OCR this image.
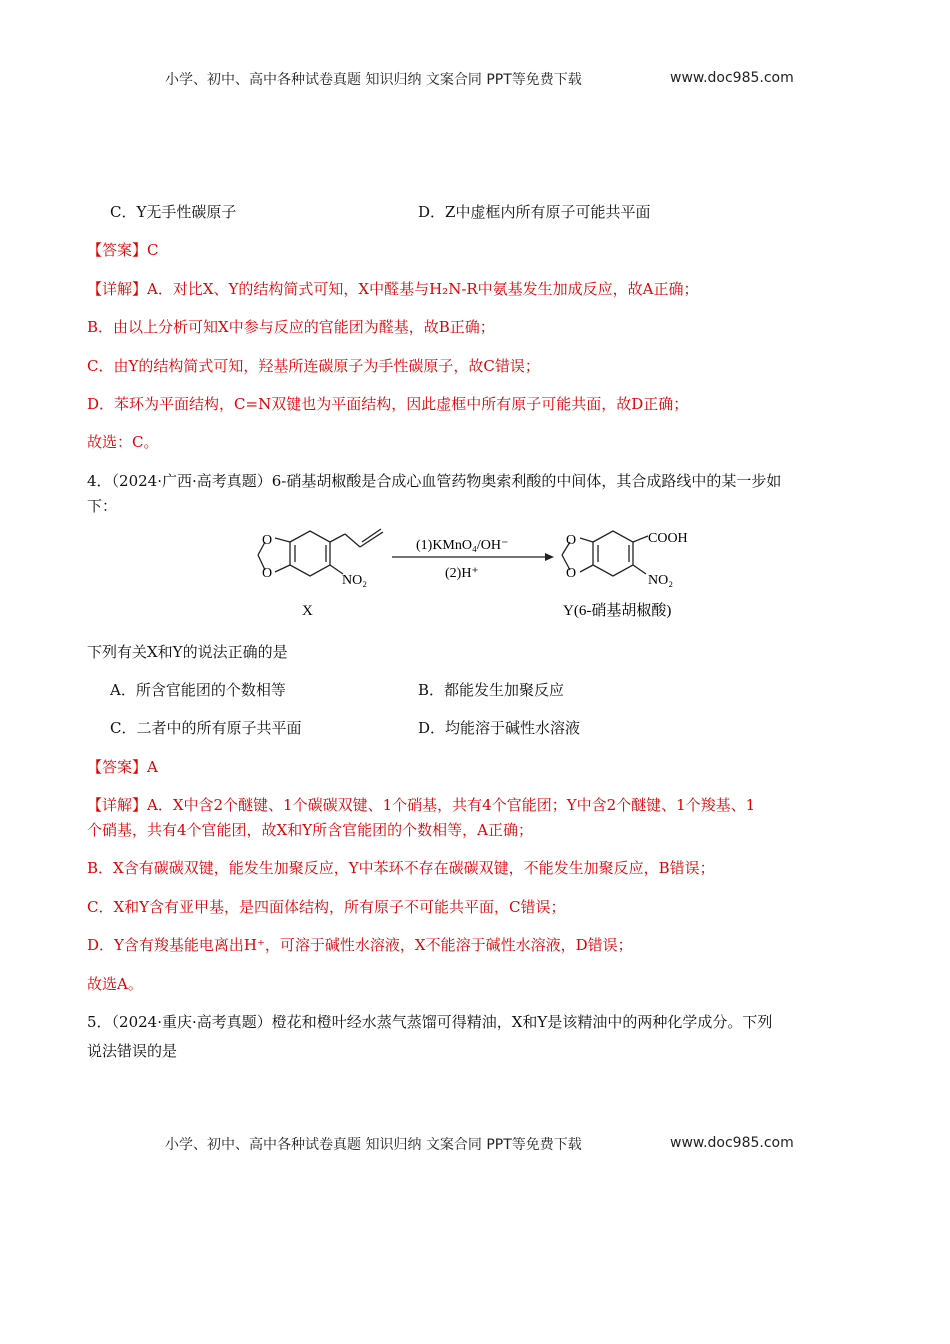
小学、初中、高中各种试卷真题 知识归纳 文案合同 PPT等免费下载	www.doc985.com
C．Y无手性碳原子	D．Z中虚框内所有原子可能共平面
【答案】C
【详解】A．对比X、Y的结构简式可知，X中醛基与H₂N-R中氨基发生加成反应，故A正确；
B．由以上分析可知X中参与反应的官能团为醛基，故B正确；
C．由Y的结构简式可知，羟基所连碳原子为手性碳原子，故C错误；
D．苯环为平面结构，C=N双键也为平面结构，因此虚框中所有原子可能共面，故D正确；
故选：C。
4．（2024·广西·高考真题）6-硝基胡椒酸是合成心血管药物奥索利酸的中间体，其合成路线中的某一步如
下：
O
O	NO₂
(1)KMnO₄/OH⁻
(2)H⁺
O
O
COOH
NO₂
X	Y(6-硝基胡椒酸)
下列有关X和Y的说法正确的是
A．所含官能团的个数相等	B．都能发生加聚反应
C．二者中的所有原子共平面	D．均能溶于碱性水溶液
【答案】A
【详解】A．X中含2个醚键、1个碳碳双键、1个硝基，共有4个官能团；Y中含2个醚键、1个羧基、1
个硝基，共有4个官能团，故X和Y所含官能团的个数相等，A正确；
B．X含有碳碳双键，能发生加聚反应，Y中苯环不存在碳碳双键，不能发生加聚反应，B错误；
C．X和Y含有亚甲基，是四面体结构，所有原子不可能共平面，C错误；
D．Y含有羧基能电离出H⁺，可溶于碱性水溶液，X不能溶于碱性水溶液，D错误；
故选A。
5．（2024·重庆·高考真题）橙花和橙叶经水蒸气蒸馏可得精油，X和Y是该精油中的两种化学成分。下列
说法错误的是
小学、初中、高中各种试卷真题 知识归纳 文案合同 PPT等免费下载	www.doc985.com
